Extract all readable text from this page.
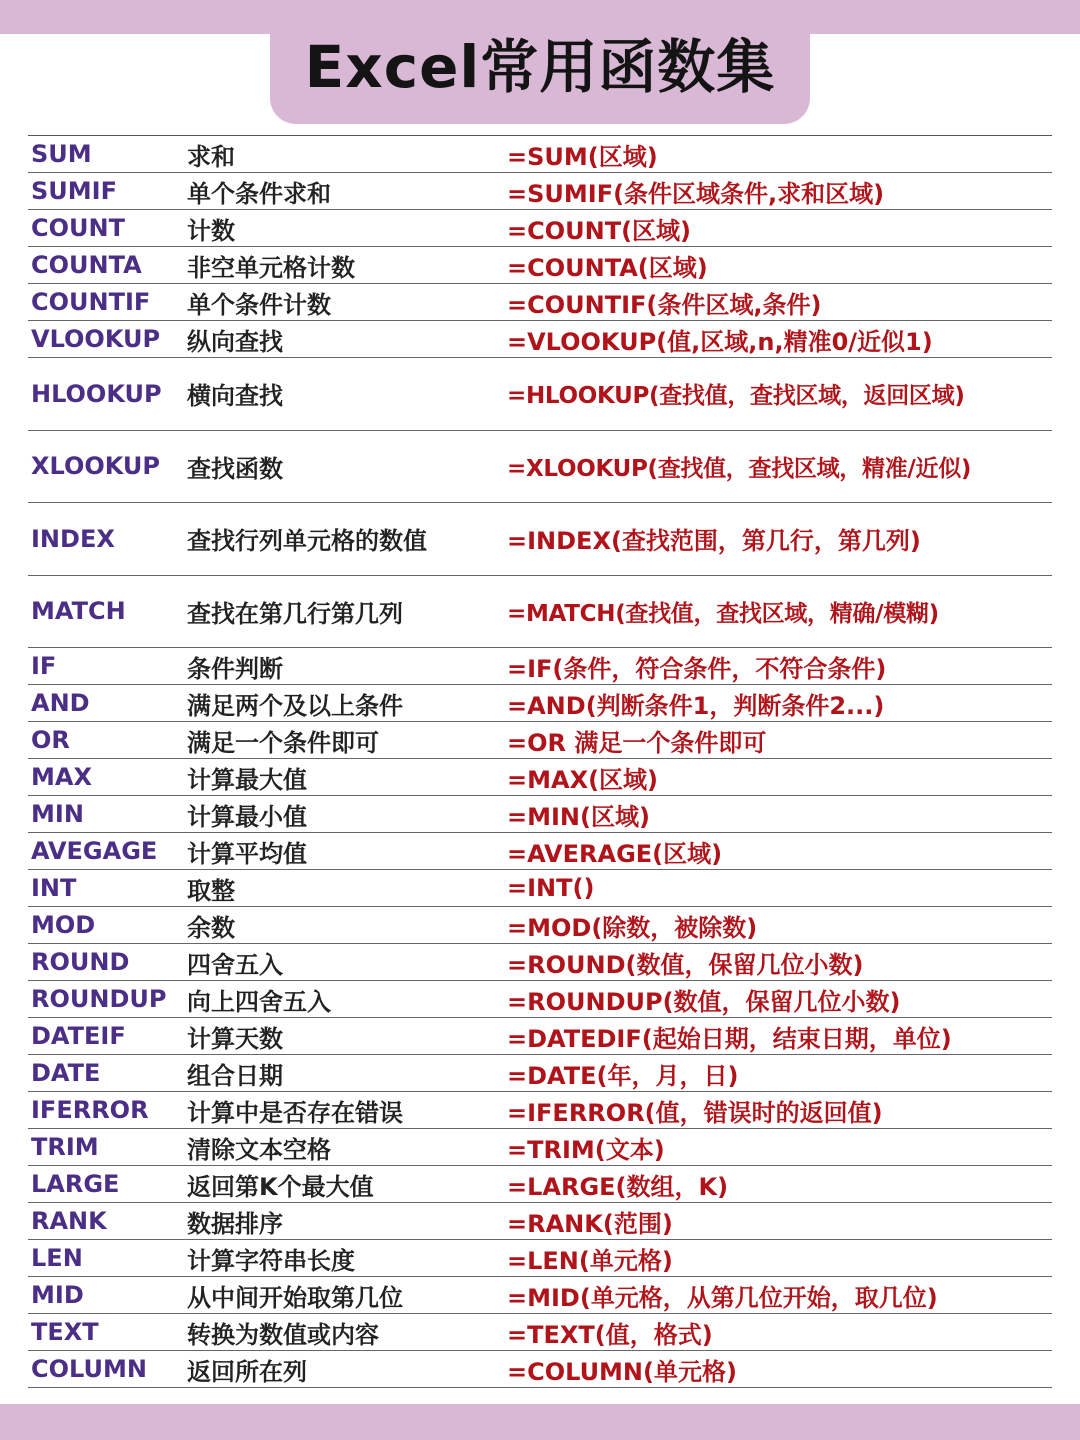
Excel常用函数集
SUM	求和	=SUM(区域)
SUMIF	单个条件求和	=SUMIF(条件区域条件,求和区域)
COUNT	计数	=COUNT(区域)
COUNTA 非空单元格计数	=COUNTA(区域)
COUNTIF 单个条件计数	=COUNTIF(条件区域,条件)
VLOOKUP 纵向查找	=VLOOKUP(值,区域,n,精准0/近似1)
HLOOKUP 横向查找	=HLOOKUP(查找值，查找区域，返回区域)
XLOOKUP 查找函数	=XLOOKUP(查找值，查找区域，精准/近似)
INDEX	查找行列单元格的数值	=INDEX(查找范围，第几行，第几列)
MATCH	查找在第几行第几列	=MATCH(查找值，查找区域，精确/模糊)
IF	条件判断	=IF(条件，符合条件，不符合条件)
AND	满足两个及以上条件	=AND(判断条件1，判断条件2...)
OR	满足一个条件即可	=OR 满足一个条件即可
MAX	计算最大值	=MAX(区域)
MIN	计算最小值	=MIN(区域)
AVEGAGE 计算平均值	=AVERAGE(区域)
INT	取整	=INT()
MOD	余数	=MOD(除数，被除数)
ROUND 四舍五入	=ROUND(数值，保留几位小数)
ROUNDUP 向上四舍五入	=ROUNDUP(数值，保留几位小数)
DATEIF	计算天数	=DATEDIF(起始日期，结束日期，单位)
DATE	组合日期	=DATE(年，月，日)
IFERROR 计算中是否存在错误	=IFERROR(值，错误时的返回值)
TRIM	清除文本空格	=TRIM(文本)
LARGE	返回第K个最大值	=LARGE(数组，K)
RANK	数据排序	=RANK(范围)
LEN	计算字符串长度	=LEN(单元格)
MID	从中间开始取第几位	=MID(单元格，从第几位开始，取几位)
TEXT	转换为数值或内容	=TEXT(值，格式)
COLUMN 返回所在列	=COLUMN(单元格)
